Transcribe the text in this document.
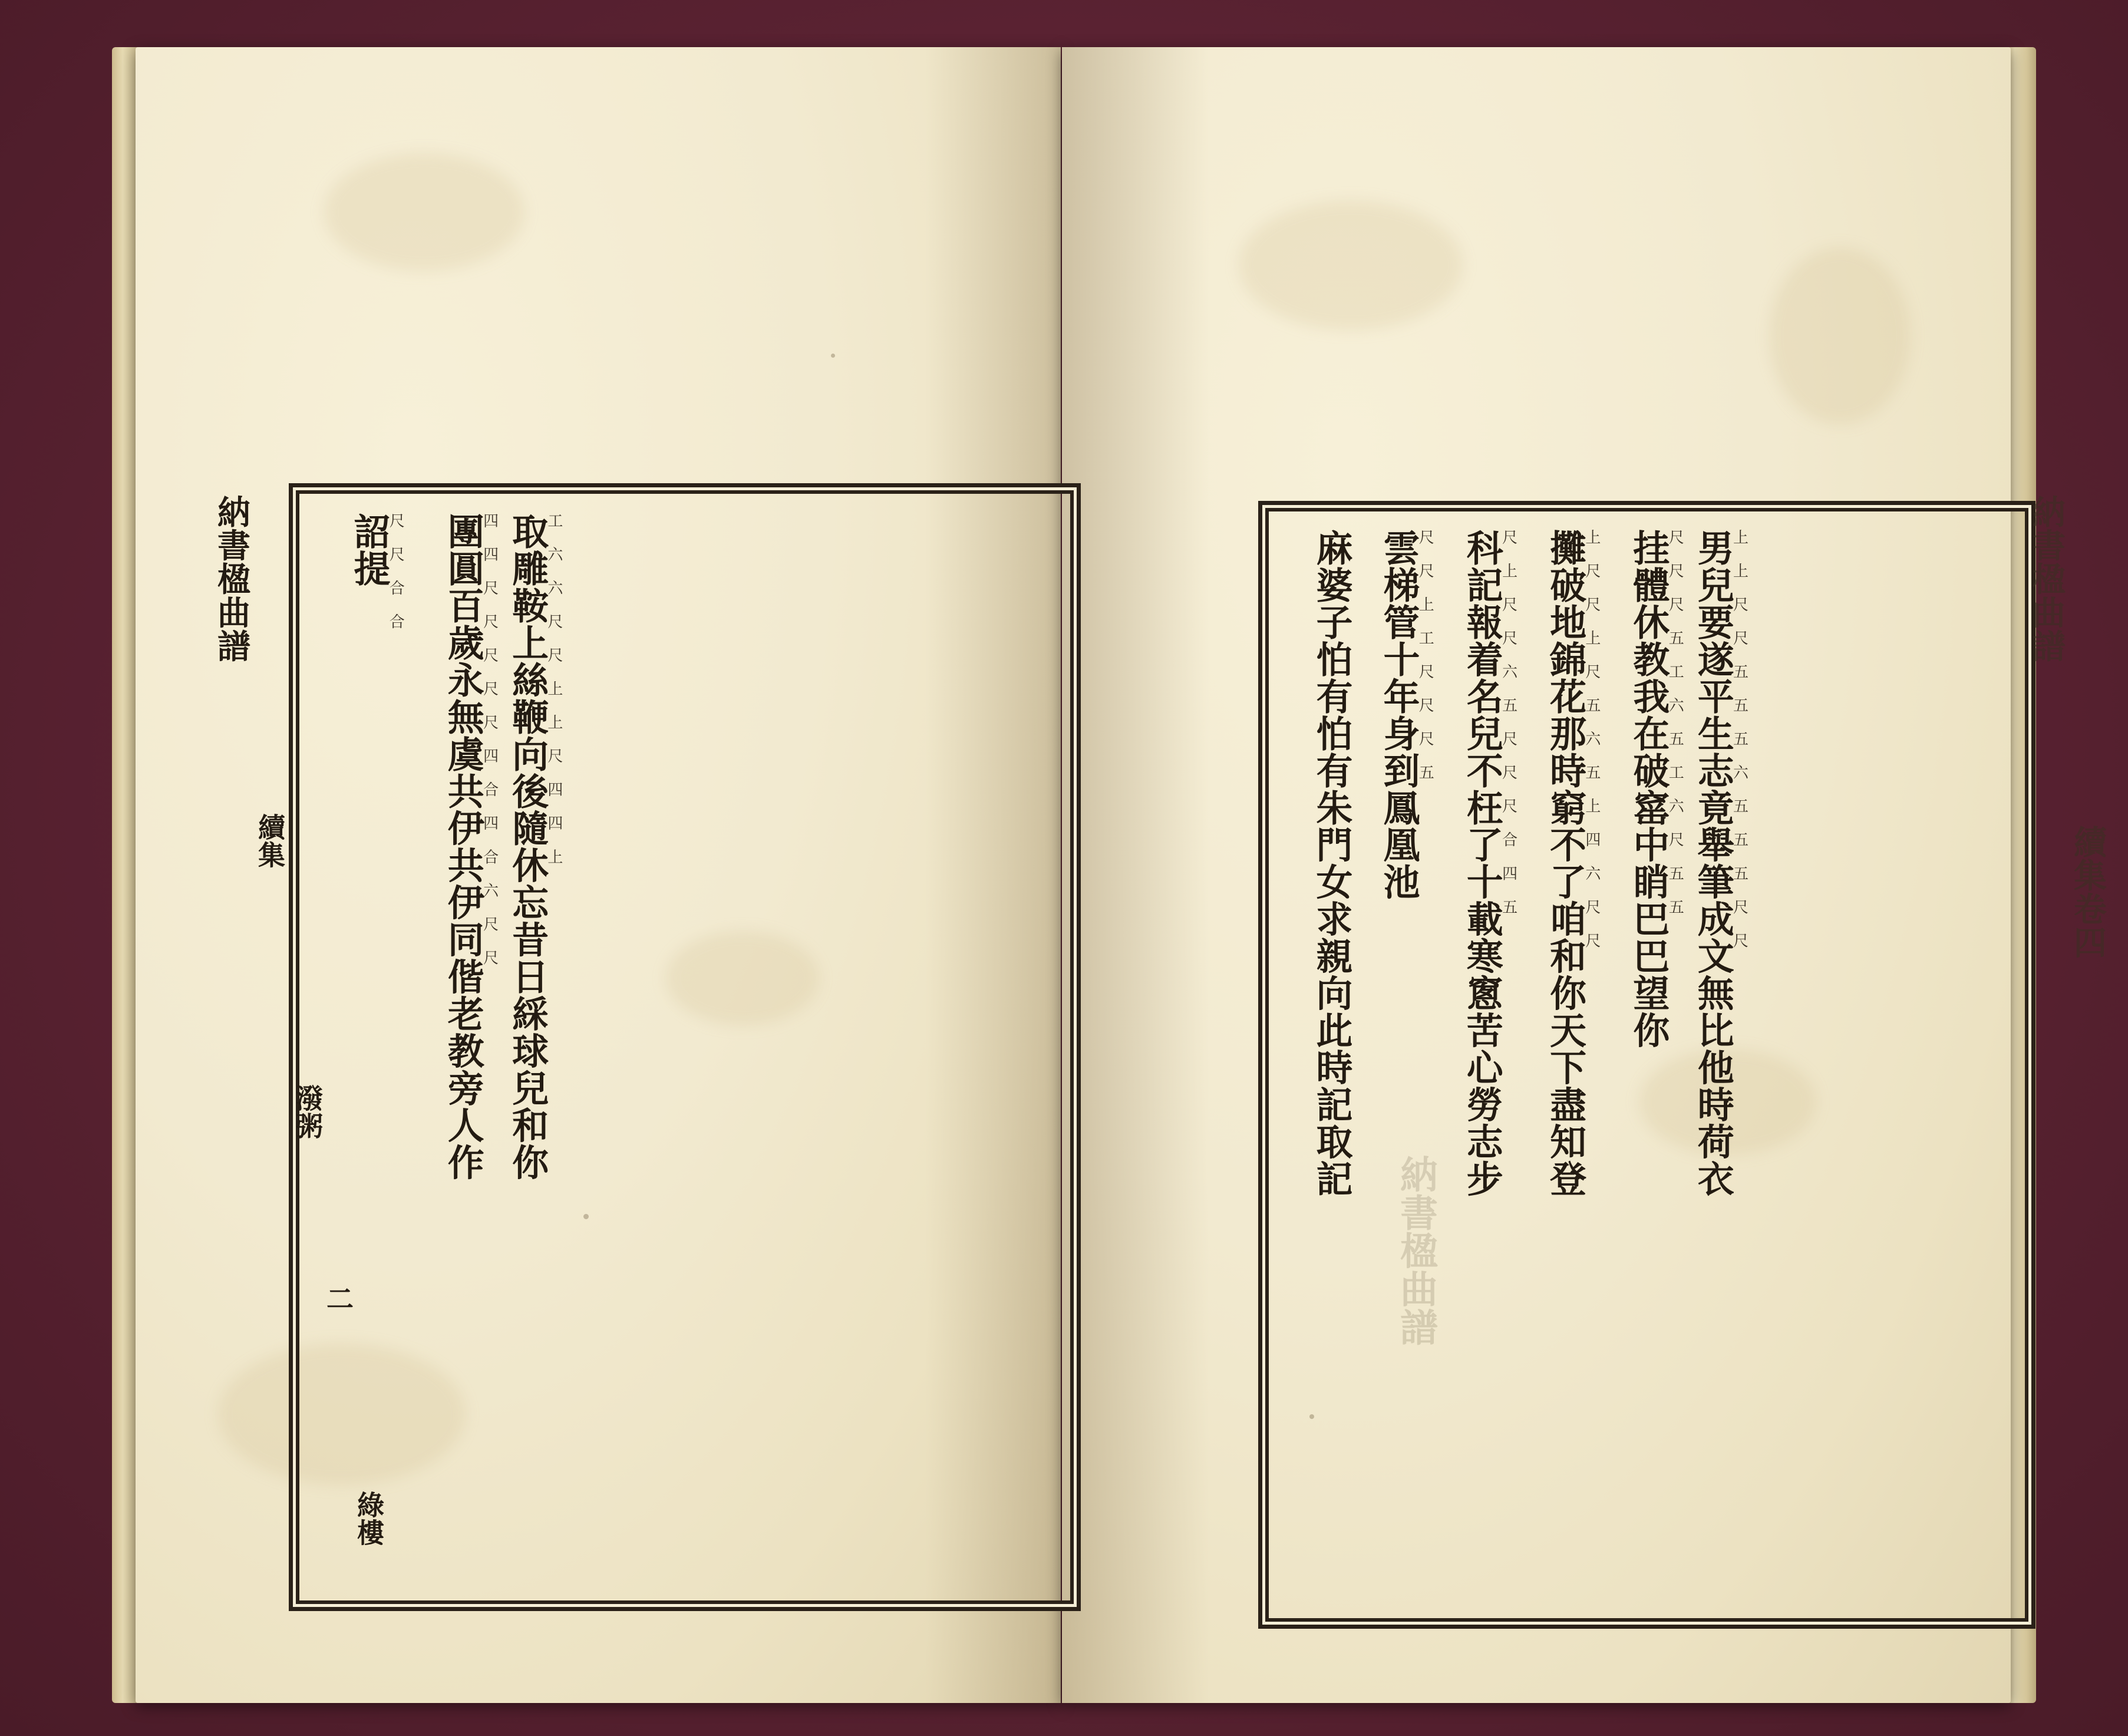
納書楹曲譜
續集
潑粥
二
綠樓
取雕鞍上絲鞭向後隨休忘昔日綵球兒和你
工 六 六 尺 尺 上 上 尺 四 四 上
團圓百歲永無虞共伊共伊同偕老教旁人作
四 四 尺 尺 尺 尺 尺 四 合 四 合 六 尺 尺
詔提
尺 尺 合 合	納書楹曲譜
續集卷四
男兒要遂平生志竟舉筆成文無比他時荷衣
上 上 尺 尺 五 五 五 六 五 五 五 尺 尺
挂體休教我在破窰中睄巴巴望你
尺 尺 尺 五 工 六 五 工 六 尺 五 五
攤破地錦花那時窮不了咱和你天下盡知登
上 尺 尺 上 尺 五 六 五 上 四 六 尺 尺
科記報着名兒不枉了十載寒窻苦心勞志步
尺 上 尺 尺 六 五 尺 尺 尺 合 四 五
雲梯管十年身到鳳凰池
尺 尺 上 工 尺 尺 尺 五
麻婆子怕有怕有朱門女求親向此時記取記
